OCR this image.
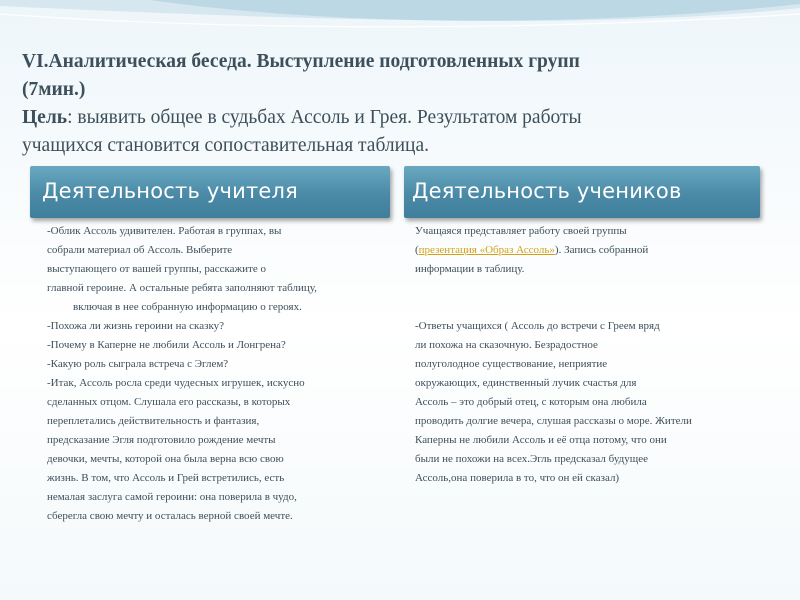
VI.Аналитическая беседа. Выступление подготовленных групп
(7мин.)
Цель: выявить общее в судьбах Ассоль и Грея. Результатом работы
учащихся становится сопоставительная таблица.
Деятельность учителя	Деятельность учеников

-Облик Ассоль удивителен. Работая в группах, вы

собрали материал об Ассоль. Выберите

выступающего от вашей группы, расскажите о

главной героине. А остальные ребята заполняют таблицу,

включая в нее собранную информацию о героях.

-Похожа ли жизнь героини на сказку?

-Почему в Каперне не любили Ассоль и Лонгрена?

-Какую роль сыграла встреча с Эглем?

-Итак, Ассоль росла среди чудесных игрушек, искусно

сделанных отцом. Слушала его рассказы, в которых

переплетались действительность и фантазия,

предсказание Эгля подготовило рождение мечты

девочки, мечты, которой она была верна всю свою

жизнь. В том, что Ассоль и Грей встретились, есть

немалая заслуга самой героини: она поверила в чудо,

сберегла свою мечту и осталась верной своей мечте.

Учащаяся представляет работу своей группы

(презентация «Образ Ассоль»). Запись собранной

информации в таблицу.

-Ответы учащихся ( Ассоль до встречи с Греем вряд

ли похожа на сказочную. Безрадостное

полуголодное существование, неприятие

окружающих, единственный лучик счастья для

Ассоль – это добрый отец, с которым она любила

проводить долгие вечера, слушая рассказы о море. Жители

Каперны не любили Ассоль и её отца потому, что они

были не похожи на всех.Эгль предсказал будущее

Ассоль,она поверила в то, что он ей сказал)
